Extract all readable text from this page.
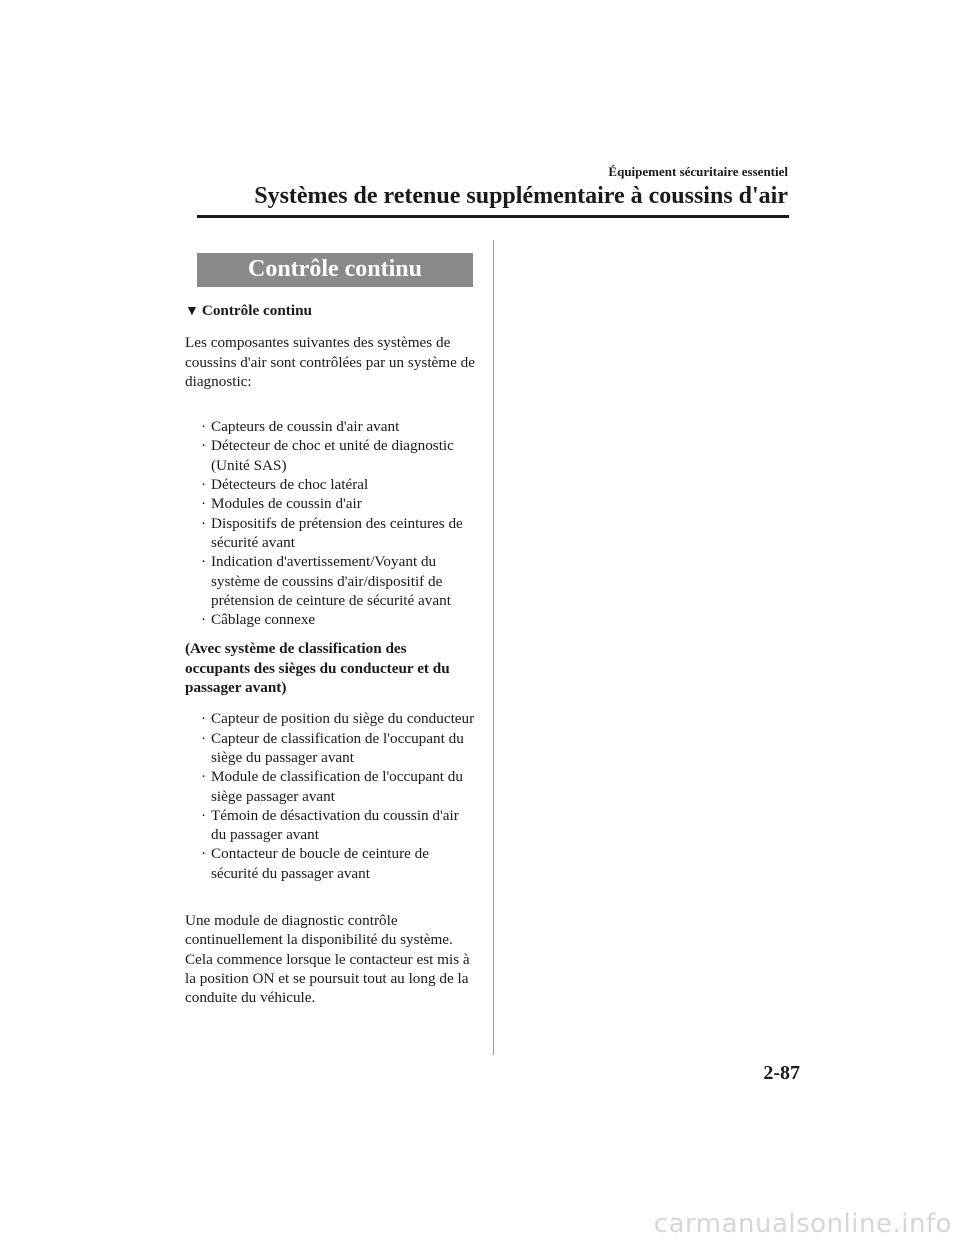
Équipement sécuritaire essentiel
Systèmes de retenue supplémentaire à coussins d'air
Contrôle continu
▼ Contrôle continu

Les composantes suivantes des systèmes de coussins d'air sont contrôlées par un système de diagnostic:

· Capteurs de coussin d'air avant
· Détecteur de choc et unité de diagnostic (Unité SAS)
· Détecteurs de choc latéral
· Modules de coussin d'air
· Dispositifs de prétension des ceintures de sécurité avant
· Indication d'avertissement/Voyant du système de coussins d'air/dispositif de prétension de ceinture de sécurité avant
· Câblage connexe

(Avec système de classification des occupants des sièges du conducteur et du passager avant)

· Capteur de position du siège du conducteur
· Capteur de classification de l'occupant du siège du passager avant
· Module de classification de l'occupant du siège passager avant
· Témoin de désactivation du coussin d'air du passager avant
· Contacteur de boucle de ceinture de sécurité du passager avant

Une module de diagnostic contrôle continuellement la disponibilité du système. Cela commence lorsque le contacteur est mis à la position ON et se poursuit tout au long de la conduite du véhicule.

2-87
carmanualsonline.info
